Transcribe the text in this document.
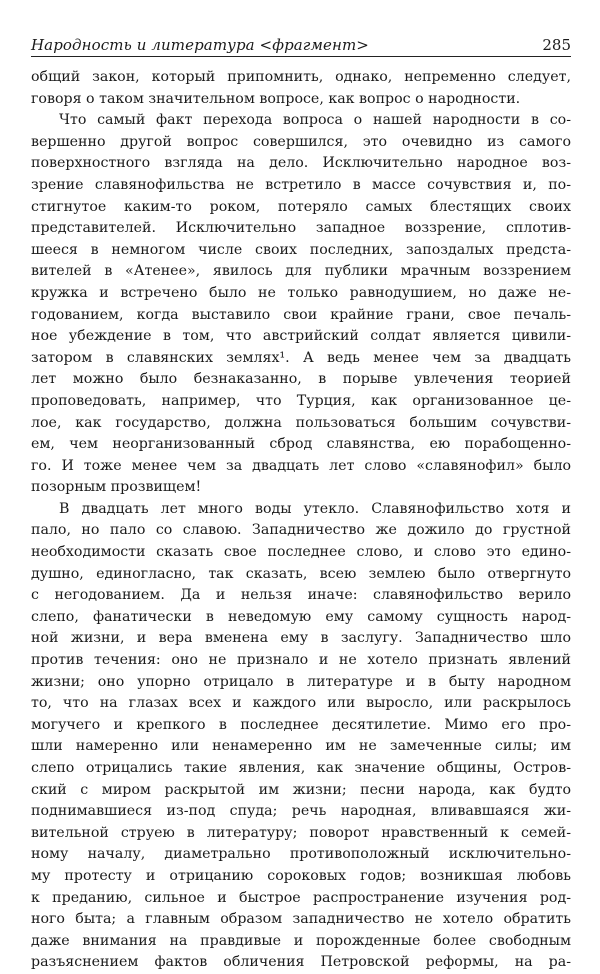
Народность и литература <фрагмент>	285
общий закон, который припомнить, однако, непременно следует,
говоря о таком значительном вопросе, как вопрос о народности.
Что самый факт перехода вопроса о нашей народности в со-
вершенно другой вопрос совершился, это очевидно из самого
поверхностного взгляда на дело. Исключительно народное воз-
зрение славянофильства не встретило в массе сочувствия и, по-
стигнутое каким-то роком, потеряло самых блестящих своих
представителей. Исключительно западное воззрение, сплотив-
шееся в немногом числе своих последних, запоздалых предста-
вителей в «Атенее», явилось для публики мрачным воззрением
кружка и встречено было не только равнодушием, но даже не-
годованием, когда выставило свои крайние грани, свое печаль-
ное убеждение в том, что австрийский солдат является цивили-
затором в славянских землях¹. А ведь менее чем за двадцать
лет можно было безнаказанно, в порыве увлечения теорией
проповедовать, например, что Турция, как организованное це-
лое, как государство, должна пользоваться большим сочувстви-
ем, чем неорганизованный сброд славянства, ею порабощенно-
го. И тоже менее чем за двадцать лет слово «славянофил» было
позорным прозвищем!
В двадцать лет много воды утекло. Славянофильство хотя и
пало, но пало со славою. Западничество же дожило до грустной
необходимости сказать свое последнее слово, и слово это едино-
душно, единогласно, так сказать, всею землею было отвергнуто
с негодованием. Да и нельзя иначе: славянофильство верило
слепо, фанатически в неведомую ему самому сущность народ-
ной жизни, и вера вменена ему в заслугу. Западничество шло
против течения: оно не признало и не хотело признать явлений
жизни; оно упорно отрицало в литературе и в быту народном
то, что на глазах всех и каждого или выросло, или раскрылось
могучего и крепкого в последнее десятилетие. Мимо его про-
шли намеренно или ненамеренно им не замеченные силы; им
слепо отрицались такие явления, как значение общины, Остров-
ский с миром раскрытой им жизни; песни народа, как будто
поднимавшиеся из-под спуда; речь народная, вливавшаяся жи-
вительной струею в литературу; поворот нравственный к семей-
ному началу, диаметрально противоположный исключительно-
му протесту и отрицанию сороковых годов; возникшая любовь
к преданию, сильное и быстрое распространение изучения род-
ного быта; а главным образом западничество не хотело обратить
даже внимания на правдивые и порожденные более свободным
разъяснением фактов обличения Петровской реформы, на ра-
